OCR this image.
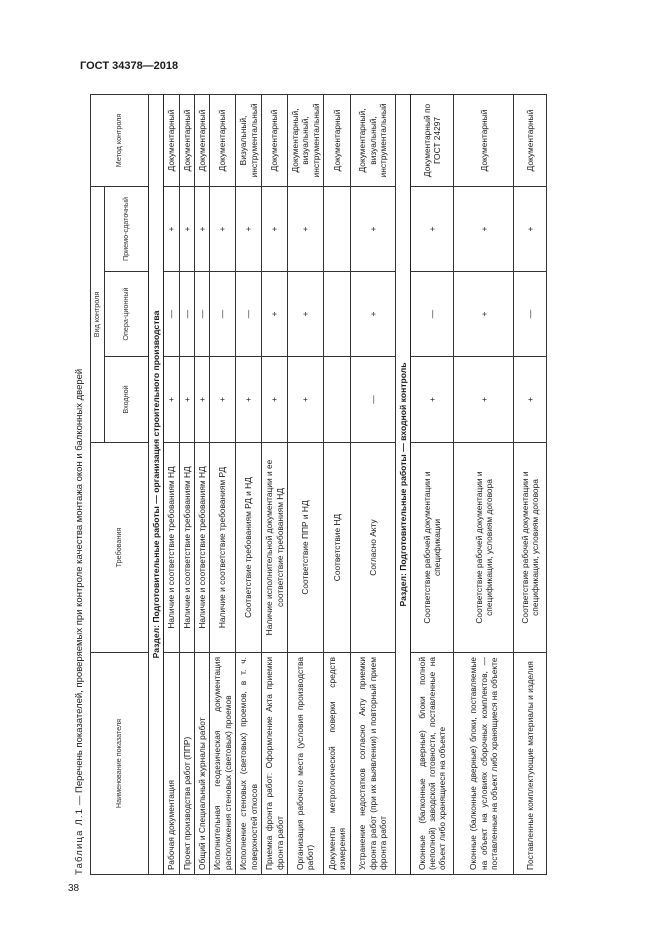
ГОСТ 34378—2018
Таблица Л.1 — Перечень показателей, проверяемых при контроле качества монтажа окон и балконных дверей	Наименование показателя	Требования	Вид контроля			Метод контроля
		Входной	Опера-ционный	Приемо-сдаточный	
Раздел: Подготовительные работы — организация строительного производства					
Рабочая документация	Наличие и соответствие требованиям НД	+	—	+	Документарный
Проект производства работ (ППР)	Наличие и соответствие требованиям НД	+	—	+	Документарный
Общий и Специальный журналы работ	Наличие и соответствие требованиям НД	+	—	+	Документарный
Исполнительная геодезическая документация расположения стеновых (световых) проемов	Наличие и соответствие требованиям РД	+	—	+	Документарный
Исполнение стеновых (световых) проемов, в т. ч. поверхностей откосов	Соответствие требованиям РД и НД	+	—	+	Визуальный, инструментальный
Приемка фронта работ: Оформление Акта приемки фронта работ	Наличие исполнительной документации и ее соответствие требованиям НД	+	+	+	Документарный
Организация рабочего места (условия производства работ)	Соответствие ППР и НД	+	+	+	Документарный, визуальный, инструментальный
Документы метрологической поверки средств измерения	Соответствие НД				Документарный
Устранение недостатков согласно Акту приемки фронта работ (при их выявлении) и повторный прием фронта работ	Согласно Акту	—	+	+	Документарный, визуальный, инструментальный
Раздел: Подготовительные работы — входной контроль					
Оконные (балконные дверные) блоки полной (неполной) заводской готовности, поставленные на объект либо хранящиеся на объекте	Соответствие рабочей документации и спецификации	+	—	+	Документарный по ГОСТ 24297
Оконные (балконные дверные) блоки, поставляемые на объект на условиях сборочных комплектов, — поставленные на объект либо хранящиеся на объекте	Соответствие рабочей документации и спецификации, условиям договора	+	+	+	Документарный
Поставленные комплектующие материалы и изделия	Соответствие рабочей документации и спецификации, условиям договора	+	—	+	Документарный
38
